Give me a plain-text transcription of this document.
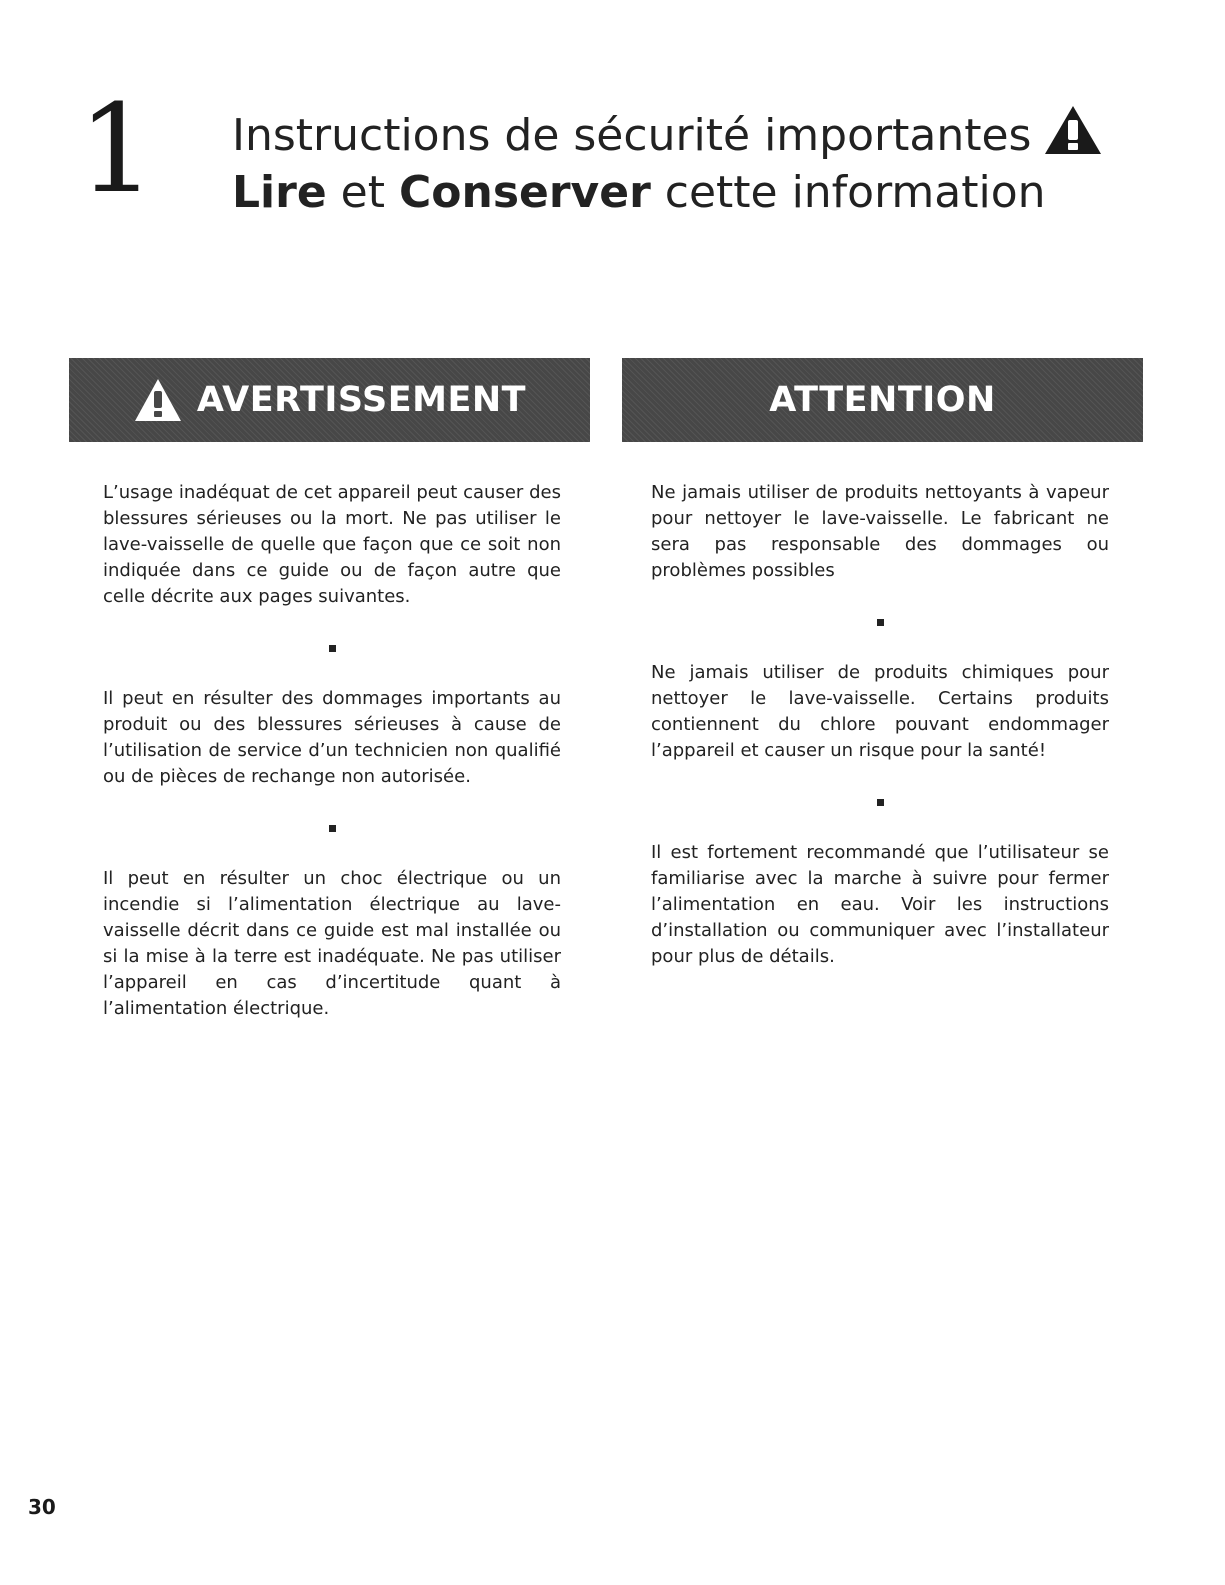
1 Instructions de sécurité importantes
Lire et Conserver cette information
AVERTISSEMENT	ATTENTION

L’usage inadéquat de cet appareil peut causer des blessures sérieuses ou la mort. Ne pas utiliser le lave-vaisselle de quelle que façon que ce soit non indiquée dans ce guide ou de façon autre que celle décrite aux pages suivantes.

Il peut en résulter des dommages importants au produit ou des blessures sérieuses à cause de l’utilisation de service d’un technicien non qualifié ou de pièces de rechange non autorisée.

Il peut en résulter un choc électrique ou un incendie si l’alimentation électrique au lave-vaisselle décrit dans ce guide est mal installée ou si la mise à la terre est inadéquate. Ne pas utiliser l’appareil en cas d’incertitude quant à l’alimentation électrique.

Ne jamais utiliser de produits nettoyants à vapeur pour nettoyer le lave-vaisselle. Le fabricant ne sera pas responsable des dommages ou problèmes possibles

Ne jamais utiliser de produits chimiques pour nettoyer le lave-vaisselle. Certains produits contiennent du chlore pouvant endommager l’appareil et causer un risque pour la santé!

Il est fortement recommandé que l’utilisateur se familiarise avec la marche à suivre pour fermer l’alimentation en eau. Voir les instructions d’installation ou communiquer avec l’installateur pour plus de détails.

30
